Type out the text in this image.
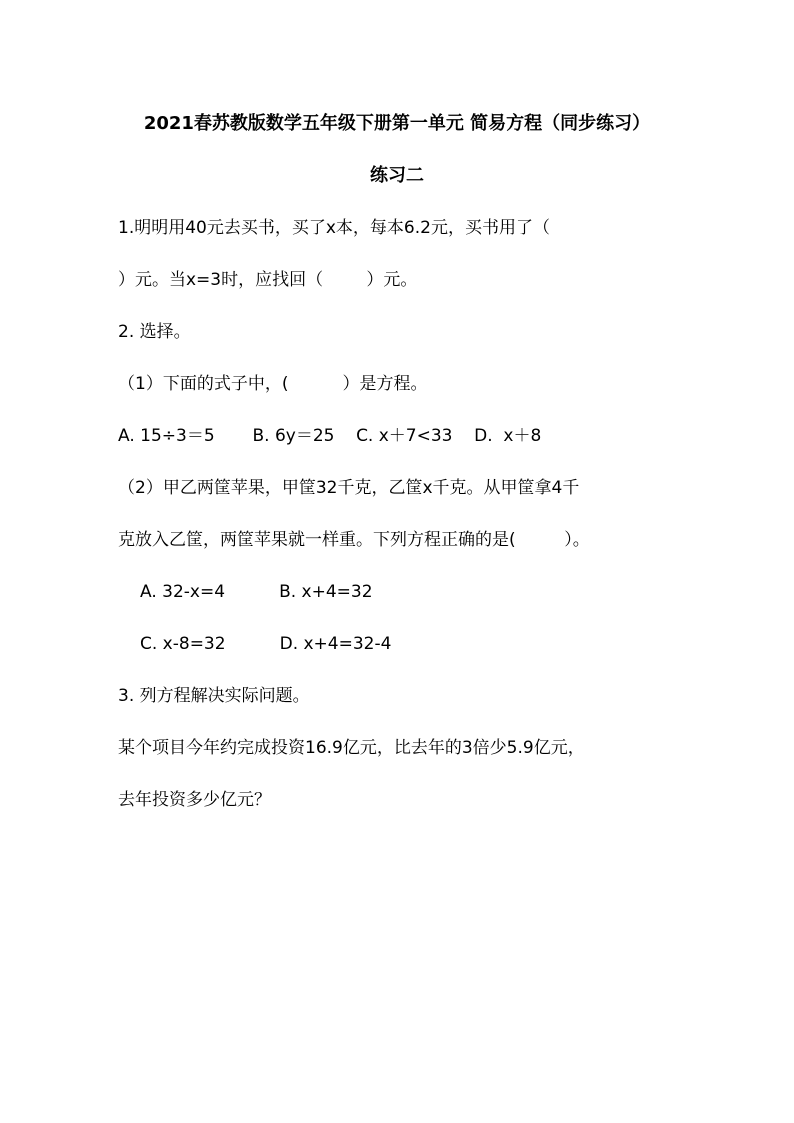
2021春苏教版数学五年级下册第一单元 简易方程（同步练习）
练习二
1.明明用40元去买书，买了x本，每本6.2元，买书用了（
）元。当x=3时，应找回（        ）元。
2. 选择。
（1）下面的式子中，(          ）是方程。
A. 15÷3＝5       B. 6y＝25    C. x＋7<33    D.  x＋8
（2）甲乙两筐苹果，甲筐32千克，乙筐x千克。从甲筐拿4千
克放入乙筐，两筐苹果就一样重。下列方程正确的是(         ）。
A. 32-x=4          B. x+4=32
C. x-8=32          D. x+4=32-4
3. 列方程解决实际问题。
某个项目今年约完成投资16.9亿元，比去年的3倍少5.9亿元，
去年投资多少亿元？
